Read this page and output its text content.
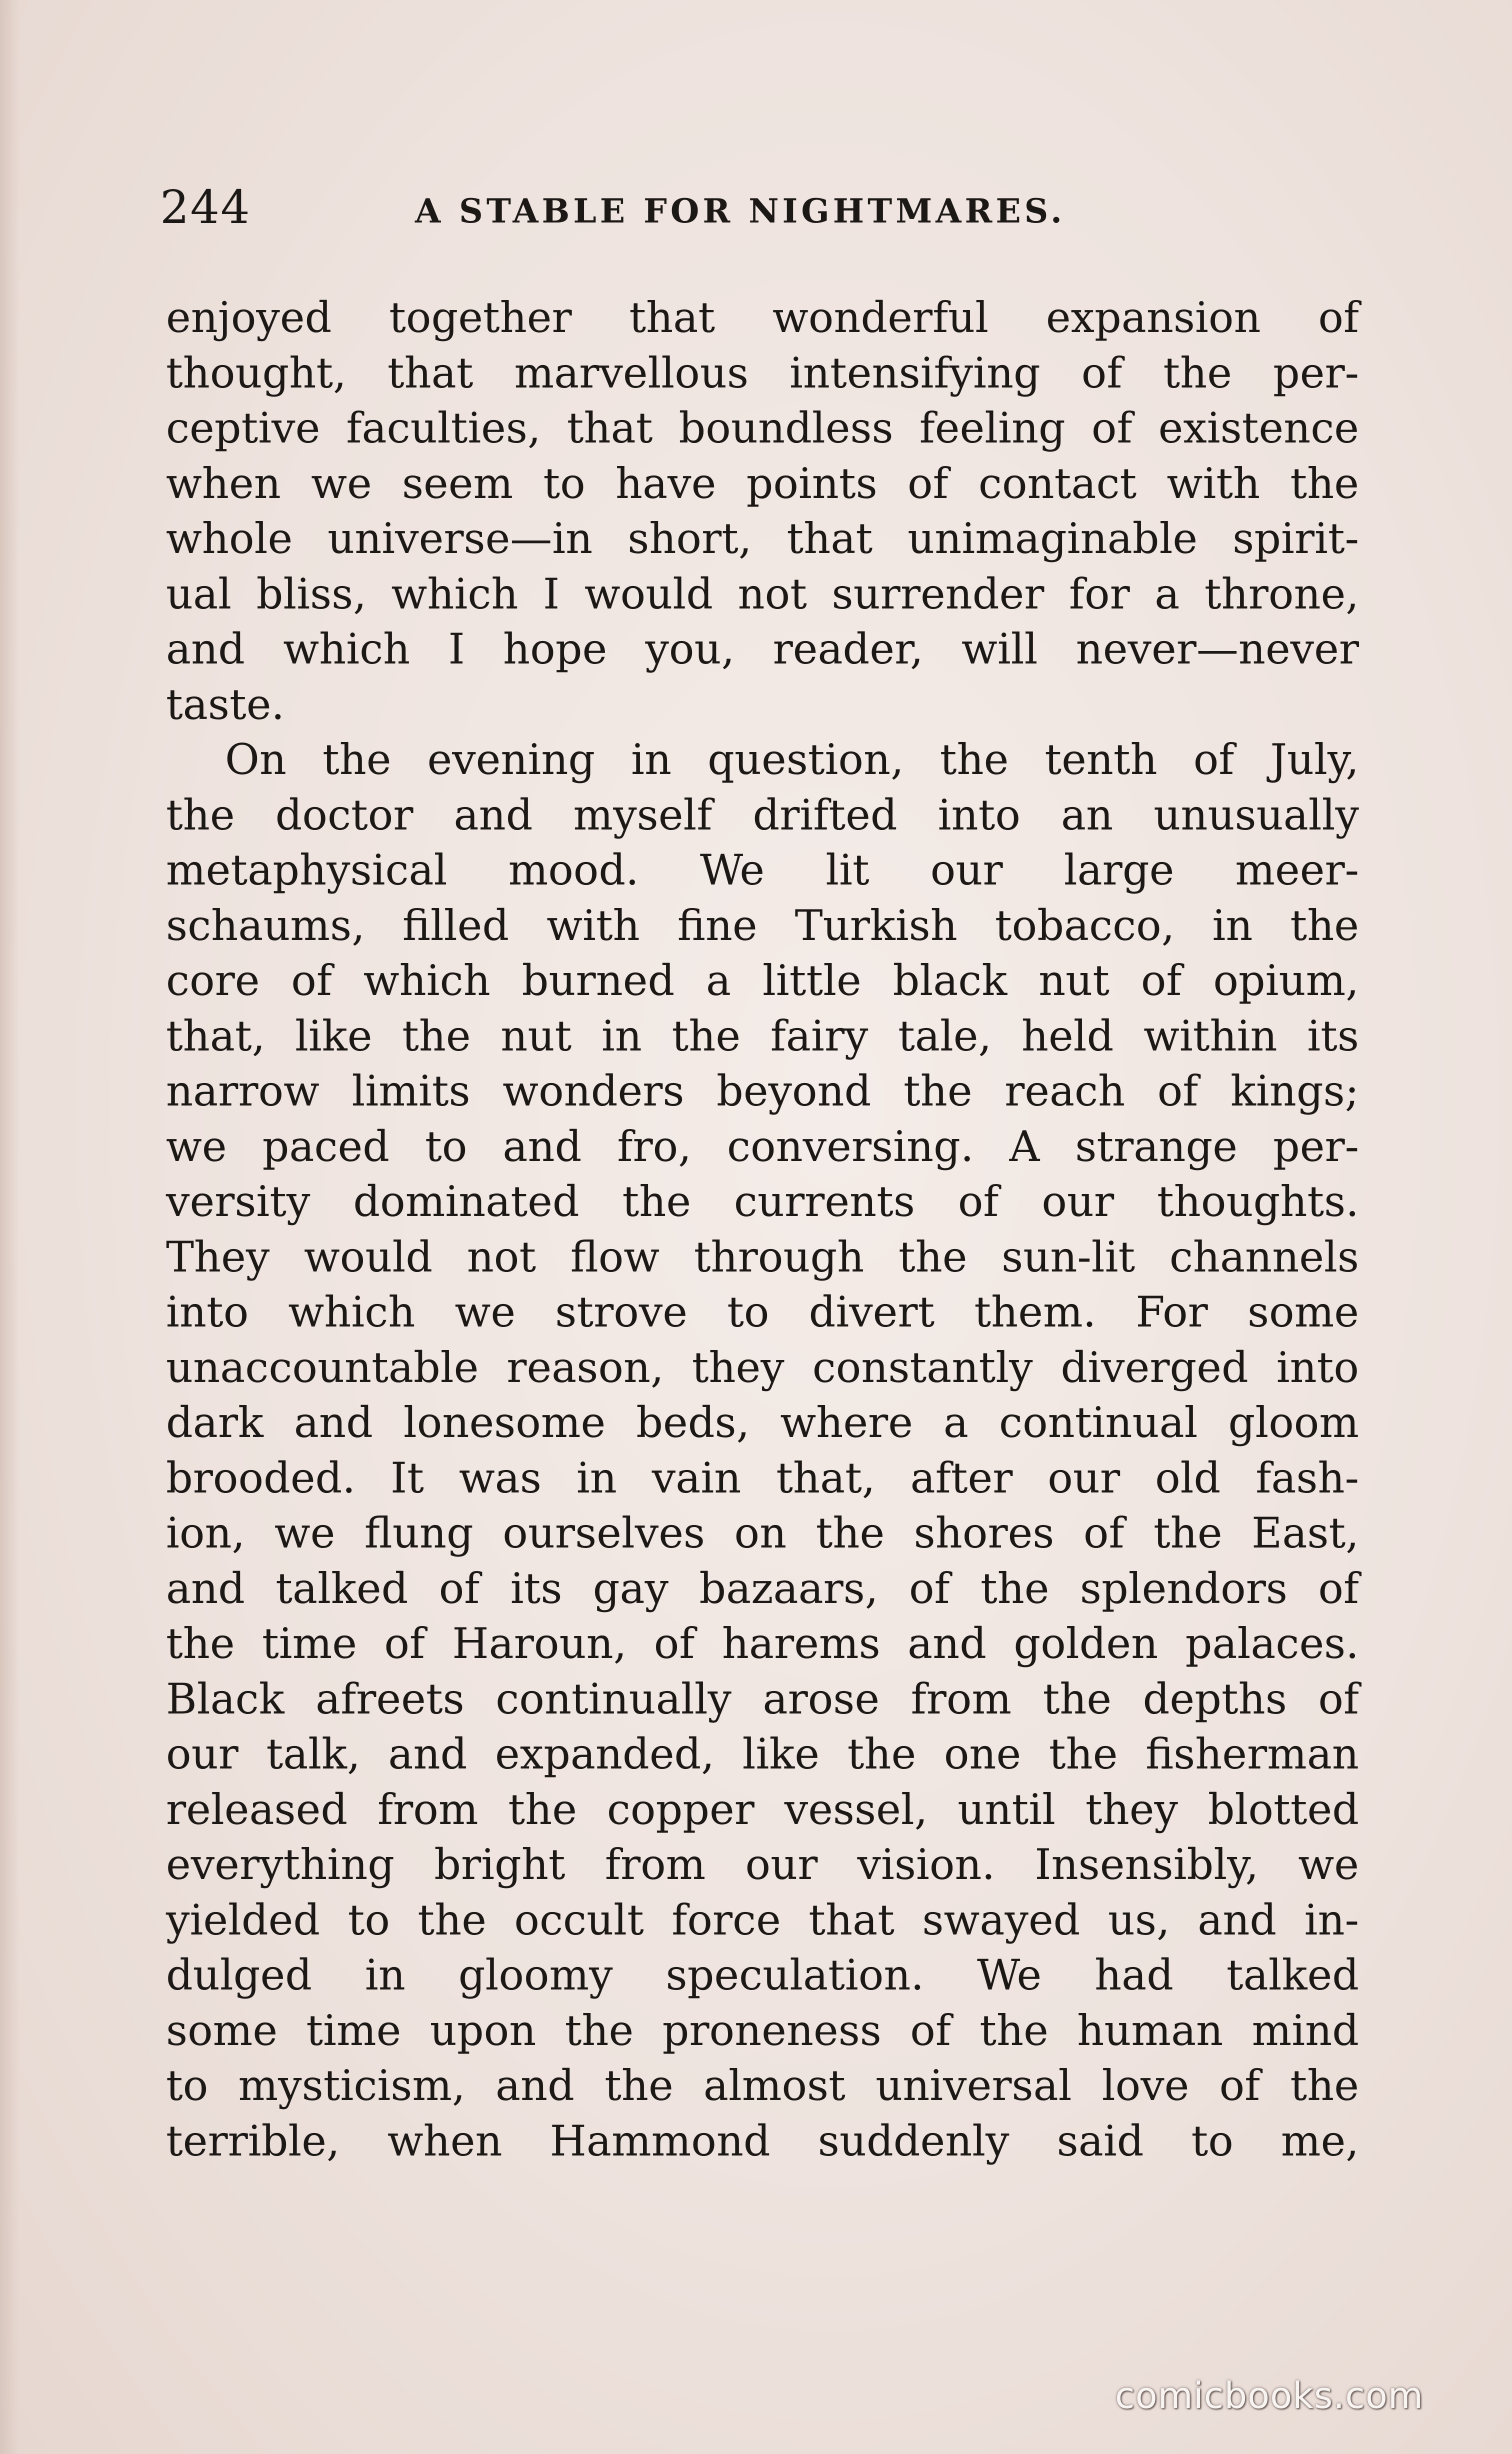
244	A STABLE FOR NIGHTMARES.
enjoyed together that wonderful expansion of
thought, that marvellous intensifying of the per-
ceptive faculties, that boundless feeling of existence
when we seem to have points of contact with the
whole universe—in short, that unimaginable spirit-
ual bliss, which I would not surrender for a throne,
and which I hope you, reader, will never—never
taste.
On the evening in question, the tenth of July,
the doctor and myself drifted into an unusually
metaphysical mood. We lit our large meer-
schaums, filled with fine Turkish tobacco, in the
core of which burned a little black nut of opium,
that, like the nut in the fairy tale, held within its
narrow limits wonders beyond the reach of kings;
we paced to and fro, conversing. A strange per-
versity dominated the currents of our thoughts.
They would not flow through the sun-lit channels
into which we strove to divert them. For some
unaccountable reason, they constantly diverged into
dark and lonesome beds, where a continual gloom
brooded. It was in vain that, after our old fash-
ion, we flung ourselves on the shores of the East,
and talked of its gay bazaars, of the splendors of
the time of Haroun, of harems and golden palaces.
Black afreets continually arose from the depths of
our talk, and expanded, like the one the fisherman
released from the copper vessel, until they blotted
everything bright from our vision. Insensibly, we
yielded to the occult force that swayed us, and in-
dulged in gloomy speculation. We had talked
some time upon the proneness of the human mind
to mysticism, and the almost universal love of the
terrible, when Hammond suddenly said to me,
comicbooks.com
